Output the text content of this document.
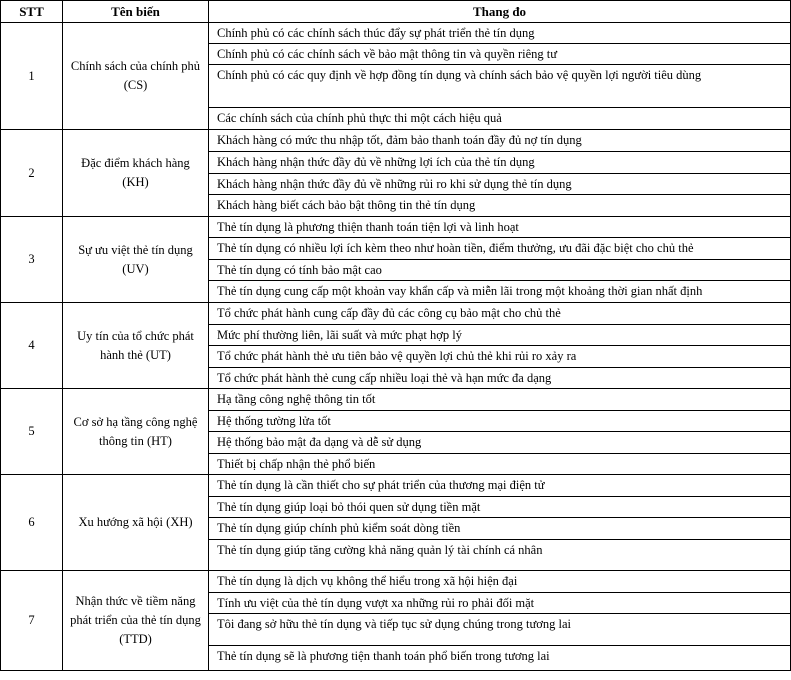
STT	Tên biến	Thang đo
1	Chính sách của chính phủ (CS)	Chính phủ có các chính sách thúc đẩy sự phát triển thẻ tín dụng
		Chính phủ có các chính sách về bảo mật thông tin và quyền riêng tư
		Chính phủ có các quy định về hợp đồng tín dụng và chính sách bảo vệ quyền lợi người tiêu dùng
		Các chính sách của chính phủ thực thi một cách hiệu quả
2	Đặc điểm khách hàng (KH)	Khách hàng có mức thu nhập tốt, đảm bảo thanh toán đầy đủ nợ tín dụng
		Khách hàng nhận thức đầy đủ về những lợi ích của thẻ tín dụng
		Khách hàng nhận thức đầy đủ về những rủi ro khi sử dụng thẻ tín dụng
		Khách hàng biết cách bảo bật thông tin thẻ tín dụng
3	Sự ưu việt thẻ tín dụng (UV)	Thẻ tín dụng là phương thiện thanh toán tiện lợi và linh hoạt
		Thẻ tín dụng có nhiều lợi ích kèm theo như hoàn tiền, điểm thưởng, ưu đãi đặc biệt cho chủ thẻ
		Thẻ tín dụng có tính bảo mật cao
		Thẻ tín dụng cung cấp một khoản vay khẩn cấp và miễn lãi trong một khoảng thời gian nhất định
4	Uy tín của tổ chức phát hành thẻ (UT)	Tổ chức phát hành cung cấp đầy đủ các công cụ bảo mật cho chủ thẻ
		Mức phí thường liên, lãi suất và mức phạt hợp lý
		Tổ chức phát hành thẻ ưu tiên bảo vệ quyền lợi chủ thẻ khi rủi ro xảy ra
		Tổ chức phát hành thẻ cung cấp nhiều loại thẻ và hạn mức đa dạng
5	Cơ sở hạ tầng công nghệ thông tin (HT)	Hạ tầng công nghệ thông tin tốt
		Hệ thống tường lửa tốt
		Hệ thống bảo mật đa dạng và dễ sử dụng
		Thiết bị chấp nhận thẻ phổ biến
6	Xu hướng xã hội (XH)	Thẻ tín dụng là cần thiết cho sự phát triển của thương mại điện tử
		Thẻ tín dụng giúp loại bỏ thói quen sử dụng tiền mặt
		Thẻ tín dụng giúp chính phủ kiểm soát dòng tiền
		Thẻ tín dụng giúp tăng cường khả năng quản lý tài chính cá nhân
7	Nhận thức về tiềm năng phát triển của thẻ tín dụng (TTD)	Thẻ tín dụng là dịch vụ không thể hiểu trong xã hội hiện đại
		Tính ưu việt của thẻ tín dụng vượt xa những rủi ro phải đối mặt
		Tôi đang sở hữu thẻ tín dụng và tiếp tục sử dụng chúng trong tương lai
		Thẻ tín dụng sẽ là phương tiện thanh toán phổ biến trong tương lai
